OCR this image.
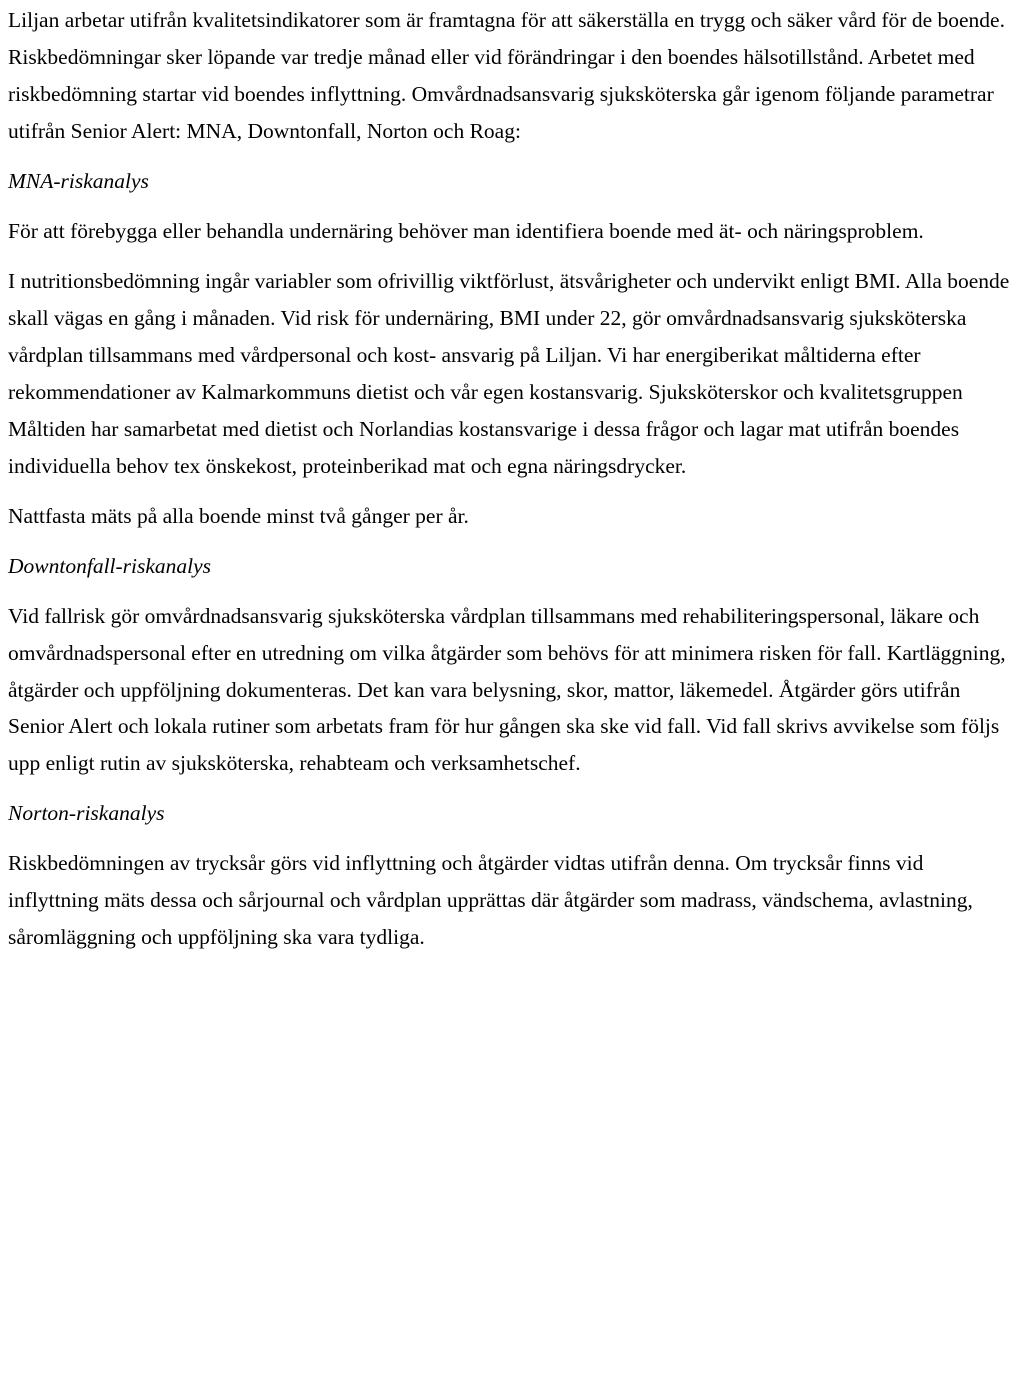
Liljan arbetar utifrån kvalitetsindikatorer som är framtagna för att säkerställa en trygg och säker vård för de boende. Riskbedömningar sker löpande var tredje månad eller vid förändringar i den boendes hälsotillstånd. Arbetet med riskbedömning startar vid boendes inflyttning. Omvårdnadsansvarig sjuksköterska går igenom följande parametrar utifrån Senior Alert: MNA, Downtonfall, Norton och Roag:

MNA-riskanalys

För att förebygga eller behandla undernäring behöver man identifiera boende med ät- och näringsproblem.

I nutritionsbedömning ingår variabler som ofrivillig viktförlust, ätsvårigheter och undervikt enligt BMI. Alla boende skall vägas en gång i månaden. Vid risk för undernäring, BMI under 22, gör omvårdnadsansvarig sjuksköterska vårdplan tillsammans med vårdpersonal och kost- ansvarig på Liljan. Vi har energiberikat måltiderna efter rekommendationer av Kalmarkommuns dietist och vår egen kostansvarig. Sjuksköterskor och kvalitetsgruppen Måltiden har samarbetat med dietist och Norlandias kostansvarige i dessa frågor och lagar mat utifrån boendes individuella behov tex önskekost, proteinberikad mat och egna näringsdrycker.

Nattfasta mäts på alla boende minst två gånger per år.

Downtonfall-riskanalys

Vid fallrisk gör omvårdnadsansvarig sjuksköterska vårdplan tillsammans med rehabiliteringspersonal, läkare och omvårdnadspersonal efter en utredning om vilka åtgärder som behövs för att minimera risken för fall. Kartläggning, åtgärder och uppföljning dokumenteras. Det kan vara belysning, skor, mattor, läkemedel. Åtgärder görs utifrån Senior Alert och lokala rutiner som arbetats fram för hur gången ska ske vid fall. Vid fall skrivs avvikelse som följs upp enligt rutin av sjuksköterska, rehabteam och verksamhetschef.

Norton-riskanalys

Riskbedömningen av trycksår görs vid inflyttning och åtgärder vidtas utifrån denna. Om trycksår finns vid inflyttning mäts dessa och sårjournal och vårdplan upprättas där åtgärder som madrass, vändschema, avlastning, såromläggning och uppföljning ska vara tydliga.
